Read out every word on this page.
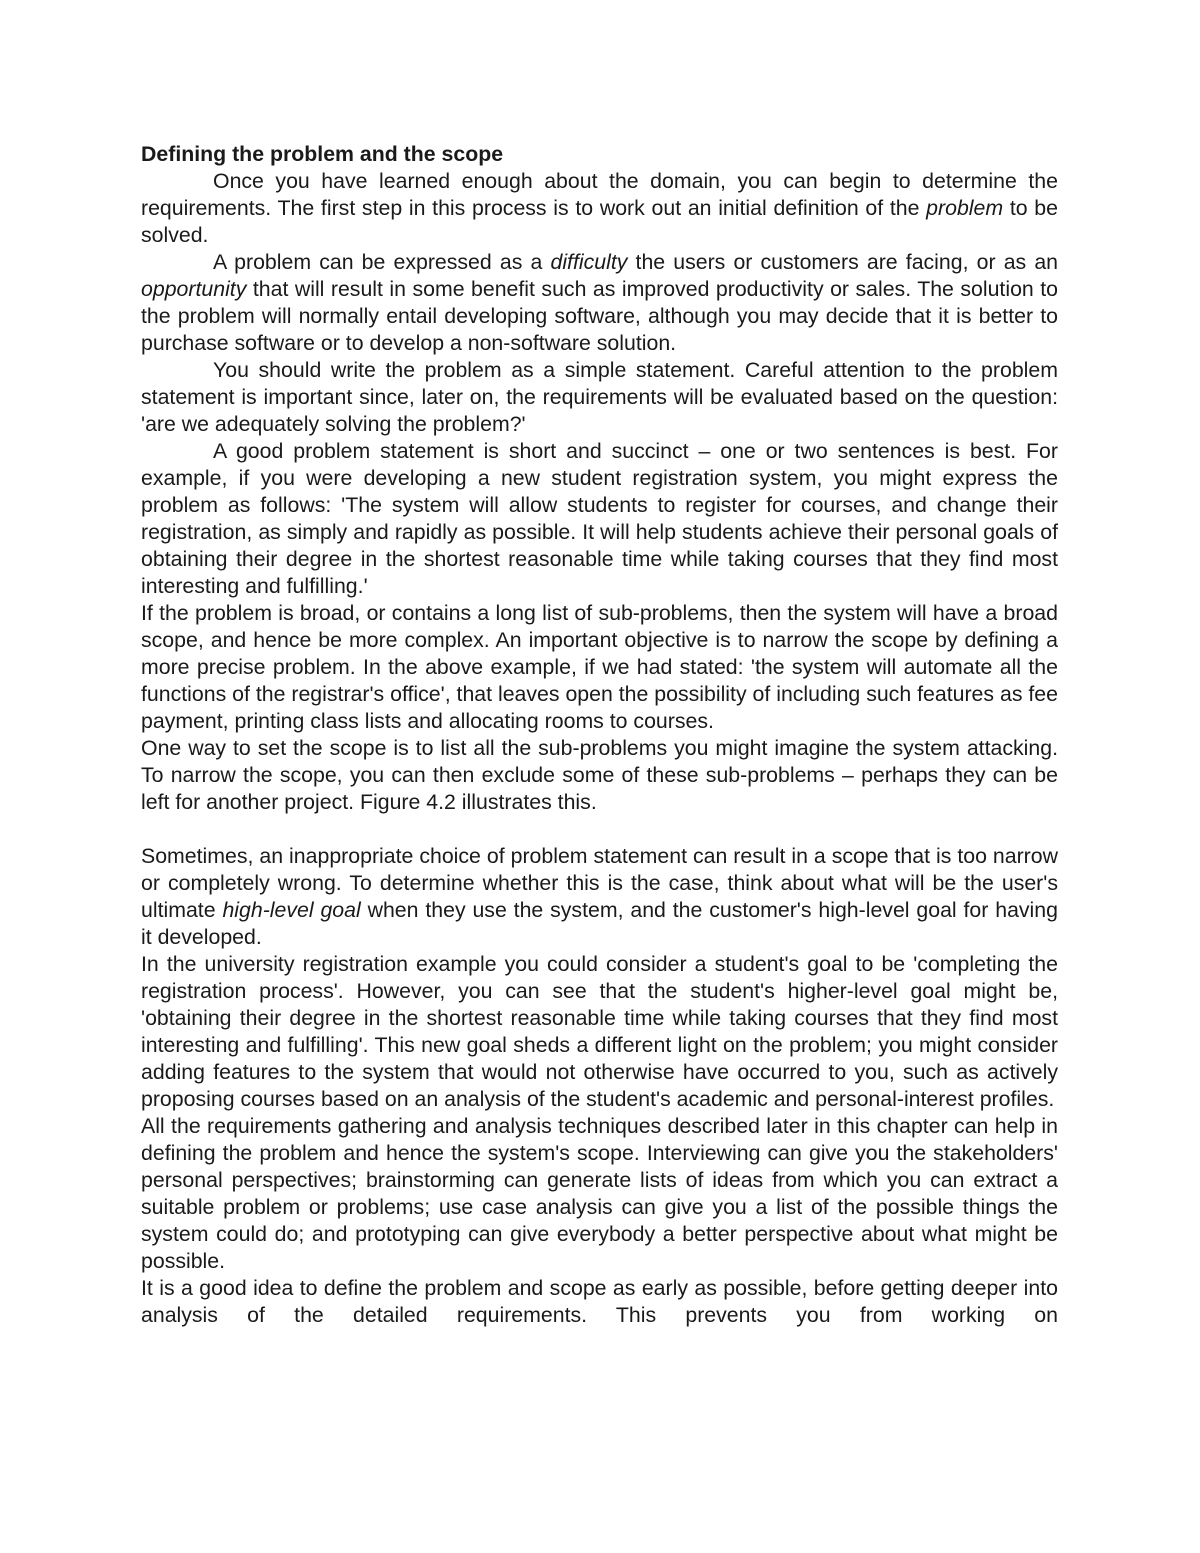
Defining the problem and the scope

Once you have learned enough about the domain, you can begin to determine the requirements. The first step in this process is to work out an initial definition of the problem to be solved.

A problem can be expressed as a difficulty the users or customers are facing, or as an opportunity that will result in some benefit such as improved productivity or sales. The solution to the problem will normally entail developing software, although you may decide that it is better to purchase software or to develop a non-software solution.

You should write the problem as a simple statement. Careful attention to the problem statement is important since, later on, the requirements will be evaluated based on the question: 'are we adequately solving the problem?'

A good problem statement is short and succinct – one or two sentences is best. For example, if you were developing a new student registration system, you might express the problem as follows: 'The system will allow students to register for courses, and change their registration, as simply and rapidly as possible. It will help students achieve their personal goals of obtaining their degree in the shortest reasonable time while taking courses that they find most interesting and fulfilling.'

If the problem is broad, or contains a long list of sub-problems, then the system will have a broad scope, and hence be more complex. An important objective is to narrow the scope by defining a more precise problem. In the above example, if we had stated: 'the system will automate all the functions of the registrar's office', that leaves open the possibility of including such features as fee payment, printing class lists and allocating rooms to courses.

One way to set the scope is to list all the sub-problems you might imagine the system attacking. To narrow the scope, you can then exclude some of these sub-problems – perhaps they can be left for another project. Figure 4.2 illustrates this.

Sometimes, an inappropriate choice of problem statement can result in a scope that is too narrow or completely wrong. To determine whether this is the case, think about what will be the user's ultimate high-level goal when they use the system, and the customer's high-level goal for having it developed.

In the university registration example you could consider a student's goal to be 'completing the registration process'. However, you can see that the student's higher-level goal might be, 'obtaining their degree in the shortest reasonable time while taking courses that they find most interesting and fulfilling'. This new goal sheds a different light on the problem; you might consider adding features to the system that would not otherwise have occurred to you, such as actively proposing courses based on an analysis of the student's academic and personal-interest profiles.

All the requirements gathering and analysis techniques described later in this chapter can help in defining the problem and hence the system's scope. Interviewing can give you the stakeholders' personal perspectives; brainstorming can generate lists of ideas from which you can extract a suitable problem or problems; use case analysis can give you a list of the possible things the system could do; and prototyping can give everybody a better perspective about what might be possible.

It is a good idea to define the problem and scope as early as possible, before getting deeper into analysis of the detailed requirements. This prevents you from working on
